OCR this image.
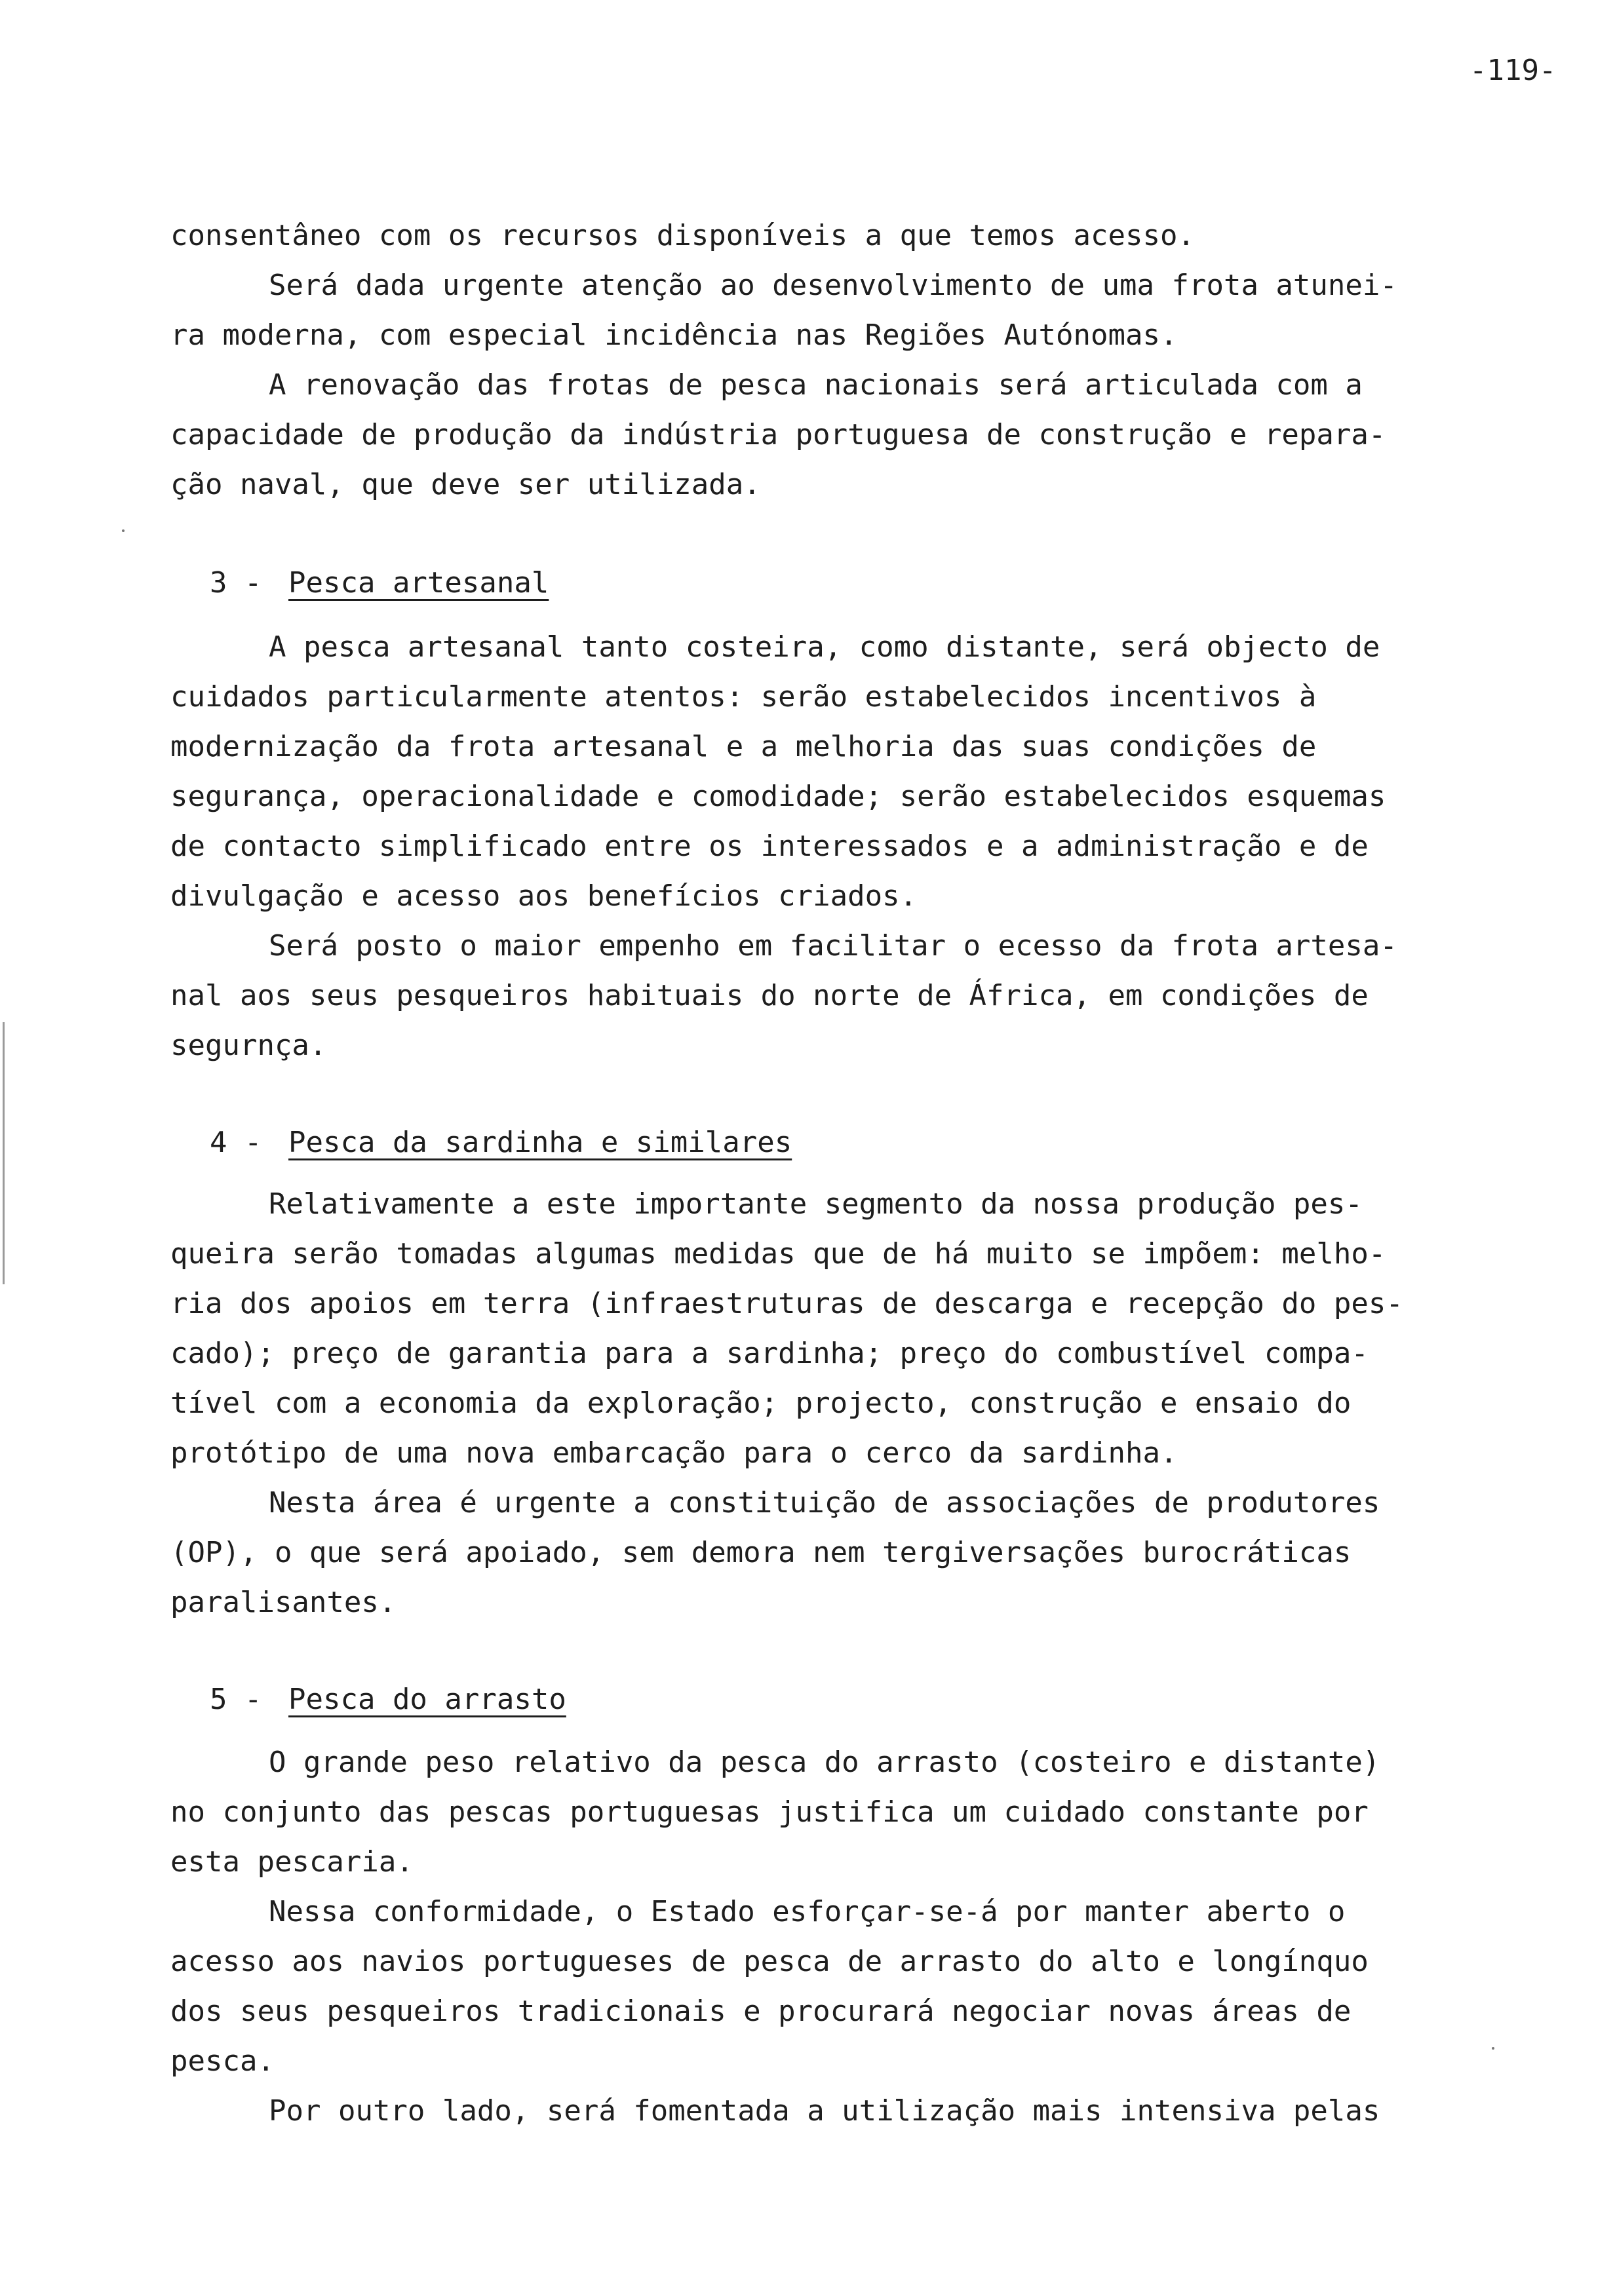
-119-
consentâneo com os recursos disponíveis a que temos acesso.
Será dada urgente atenção ao desenvolvimento de uma frota atunei-
ra moderna, com especial incidência nas Regiões Autónomas.
A renovação das frotas de pesca nacionais será articulada com a
capacidade de produção da indústria portuguesa de construção e repara-
ção naval, que deve ser utilizada.
3 - Pesca artesanal
A pesca artesanal tanto costeira, como distante, será objecto de
cuidados particularmente atentos: serão estabelecidos incentivos à
modernização da frota artesanal e a melhoria das suas condições de
segurança, operacionalidade e comodidade; serão estabelecidos esquemas
de contacto simplificado entre os interessados e a administração e de
divulgação e acesso aos benefícios criados.
Será posto o maior empenho em facilitar o ecesso da frota artesa-
nal aos seus pesqueiros habituais do norte de África, em condições de
segurnça.
4 - Pesca da sardinha e similares
Relativamente a este importante segmento da nossa produção pes-
queira serão tomadas algumas medidas que de há muito se impõem: melho-
ria dos apoios em terra (infraestruturas de descarga e recepção do pes-
cado); preço de garantia para a sardinha; preço do combustível compa-
tível com a economia da exploração; projecto, construção e ensaio do
protótipo de uma nova embarcação para o cerco da sardinha.
Nesta área é urgente a constituição de associações de produtores
(OP), o que será apoiado, sem demora nem tergiversações burocráticas
paralisantes.
5 - Pesca do arrasto
O grande peso relativo da pesca do arrasto (costeiro e distante)
no conjunto das pescas portuguesas justifica um cuidado constante por
esta pescaria.
Nessa conformidade, o Estado esforçar-se-á por manter aberto o
acesso aos navios portugueses de pesca de arrasto do alto e longínquo
dos seus pesqueiros tradicionais e procurará negociar novas áreas de
pesca.
Por outro lado, será fomentada a utilização mais intensiva pelas
